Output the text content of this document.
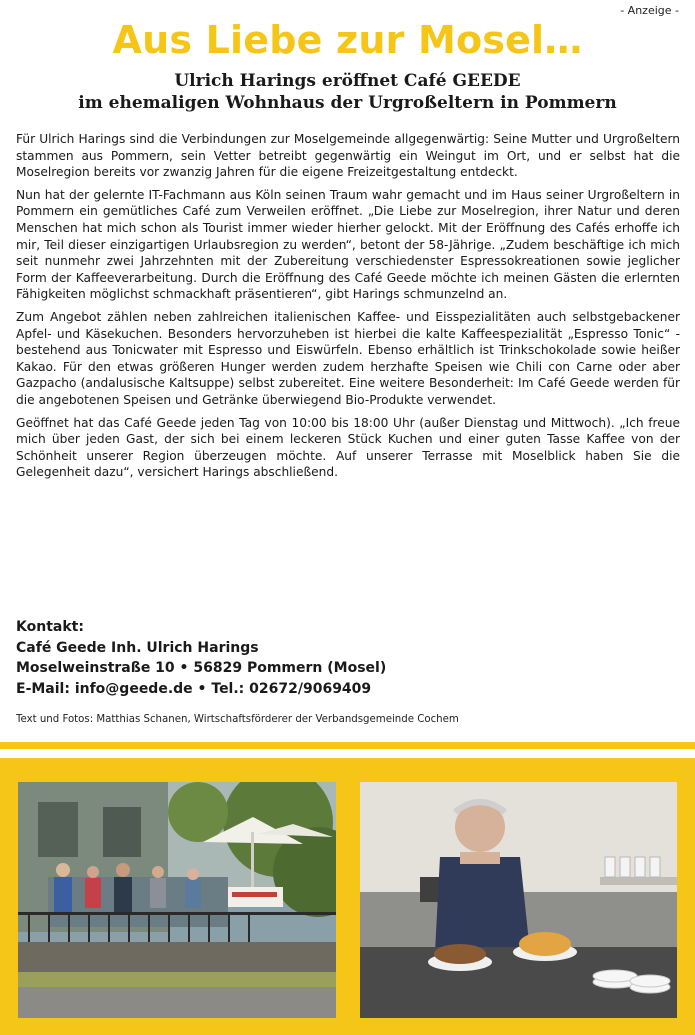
- Anzeige -
Aus Liebe zur Mosel…
Ulrich Harings eröffnet Café GEEDE
im ehemaligen Wohnhaus der Urgroßeltern in Pommern

Für Ulrich Harings sind die Verbindungen zur Moselgemeinde allgegenwärtig: Seine Mutter und Urgroßeltern stammen aus Pommern, sein Vetter betreibt gegenwärtig ein Weingut im Ort, und er selbst hat die Moselregion bereits vor zwanzig Jahren für die eigene Freizeitgestaltung entdeckt.

Nun hat der gelernte IT-Fachmann aus Köln seinen Traum wahr gemacht und im Haus seiner Urgroßeltern in Pommern ein gemütliches Café zum Verweilen eröffnet. „Die Liebe zur Moselregion, ihrer Natur und deren Menschen hat mich schon als Tourist immer wieder hierher gelockt. Mit der Eröffnung des Cafés erhoffe ich mir, Teil dieser einzigartigen Urlaubsregion zu werden“, betont der 58-Jährige. „Zudem beschäftige ich mich seit nunmehr zwei Jahrzehnten mit der Zubereitung verschiedenster Espressokreationen sowie jeglicher Form der Kaffeeverarbeitung. Durch die Eröffnung des Café Geede möchte ich meinen Gästen die erlernten Fähigkeiten möglichst schmackhaft präsentieren“, gibt Harings schmunzelnd an.

Zum Angebot zählen neben zahlreichen italienischen Kaffee- und Eisspezialitäten auch selbstgebackener Apfel- und Käsekuchen. Besonders hervorzuheben ist hierbei die kalte Kaffeespezialität „Espresso Tonic“ - bestehend aus Tonicwater mit Espresso und Eiswürfeln. Ebenso erhältlich ist Trinkschokolade sowie heißer Kakao. Für den etwas größeren Hunger werden zudem herzhafte Speisen wie Chili con Carne oder aber Gazpacho (andalusische Kaltsuppe) selbst zubereitet. Eine weitere Besonderheit: Im Café Geede werden für die angebotenen Speisen und Getränke überwiegend Bio-Produkte verwendet.

Geöffnet hat das Café Geede jeden Tag von 10:00 bis 18:00 Uhr (außer Dienstag und Mittwoch). „Ich freue mich über jeden Gast, der sich bei einem leckeren Stück Kuchen und einer guten Tasse Kaffee von der Schönheit unserer Region überzeugen möchte. Auf unserer Terrasse mit Moselblick haben Sie die Gelegenheit dazu“, versichert Harings abschließend.

Kontakt:
Café Geede Inh. Ulrich Harings
Moselweinstraße 10 • 56829 Pommern (Mosel)
E-Mail: info@geede.de • Tel.: 02672/9069409
Text und Fotos: Matthias Schanen, Wirtschaftsförderer der Verbandsgemeinde Cochem
